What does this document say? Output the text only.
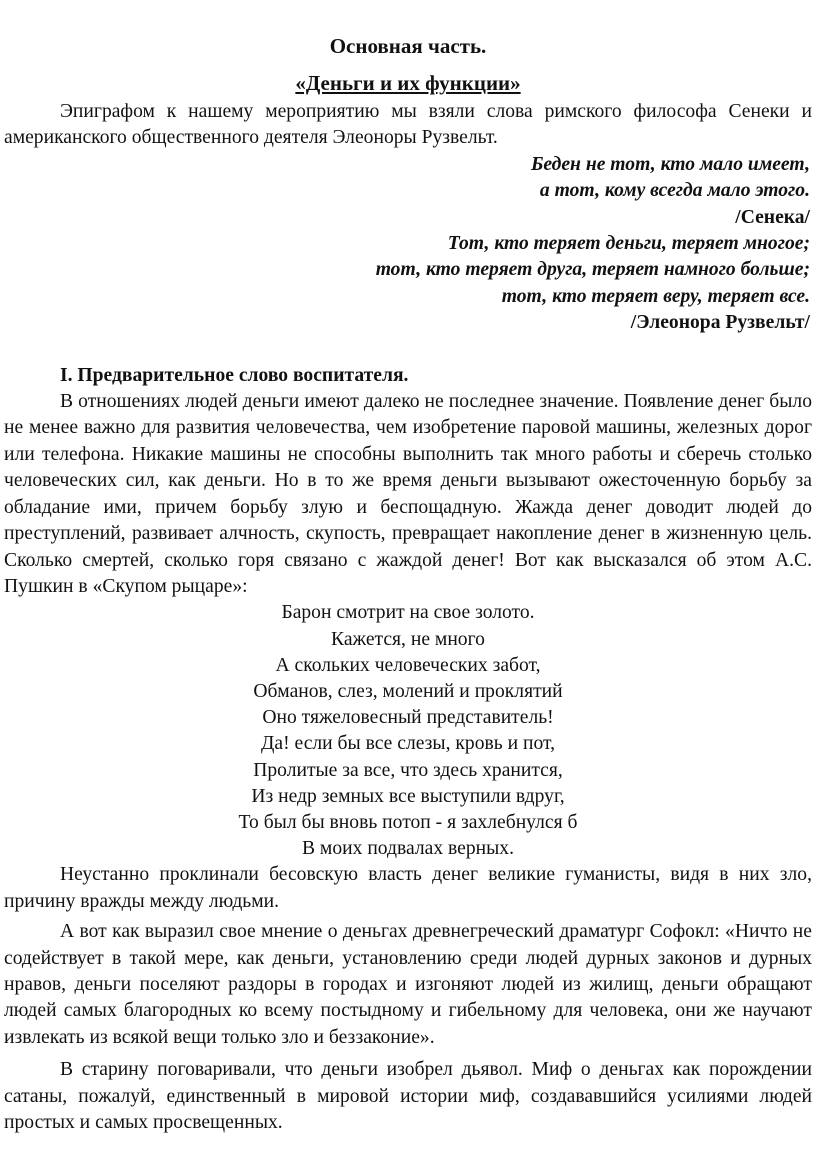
Основная часть.
«Деньги и их функции»

Эпиграфом к нашему мероприятию мы взяли слова римского философа Сенеки и американского общественного деятеля Элеоноры Рузвельт.

Беден не тот, кто мало имеет,
а тот, кому всегда мало этого.
/Сенека/
Тот, кто теряет деньги, теряет многое;
тот, кто теряет друга, теряет намного больше;
тот, кто теряет веру, теряет все.
/Элеонора Рузвельт/
I. Предварительное слово воспитателя.

В отношениях людей деньги имеют далеко не последнее значение. Появление денег было не менее важно для развития человечества, чем изобретение паровой машины, железных дорог или телефона. Никакие машины не способны выполнить так много работы и сберечь столько человеческих сил, как деньги. Но в то же время деньги вызывают ожесточенную борьбу за обладание ими, причем борьбу злую и беспощадную. Жажда денег доводит людей до преступлений, развивает алчность, скупость, превращает накопление денег в жизненную цель. Сколько смертей, сколько горя связано с жаждой денег! Вот как высказался об этом А.С. Пушкин в «Скупом рыцаре»:

Барон смотрит на свое золото.
Кажется, не много
А скольких человеческих забот,
Обманов, слез, молений и проклятий
Оно тяжеловесный представитель!
Да! если бы все слезы, кровь и пот,
Пролитые за все, что здесь хранится,
Из недр земных все выступили вдруг,
То был бы вновь потоп - я захлебнулся б
В моих подвалах верных.

Неустанно проклинали бесовскую власть денег великие гуманисты, видя в них зло, причину вражды между людьми.

А вот как выразил свое мнение о деньгах древнегреческий драматург Софокл: «Ничто не содействует в такой мере, как деньги, установлению среди людей дурных законов и дурных нравов, деньги поселяют раздоры в городах и изгоняют людей из жилищ, деньги обращают людей самых благородных ко всему постыдному и гибельному для человека, они же научают извлекать из всякой вещи только зло и беззаконие».

В старину поговаривали, что деньги изобрел дьявол. Миф о деньгах как порождении сатаны, пожалуй, единственный в мировой истории миф, создававшийся усилиями людей простых и самых просвещенных.
